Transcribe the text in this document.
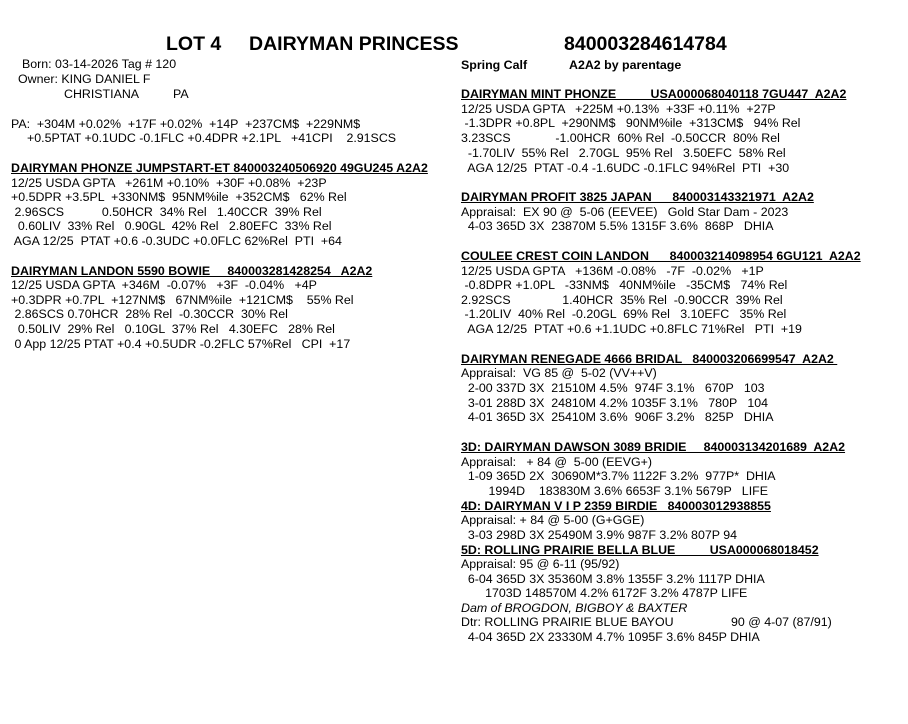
LOT 4 DAIRYMAN PRINCESS	840003284614784
Born: 03-14-2026 Tag # 120	Spring Calf	A2A2 by parentage
Owner: KING DANIEL F
CHRISTIANA	PA
PA:  +304M +0.02%  +17F +0.02%  +14P  +237CM$  +229NM$
+0.5PTAT +0.1UDC -0.1FLC +0.4DPR +2.1PL   +41CPI    2.91SCS
DAIRYMAN PHONZE JUMPSTART-ET 840003240506920 49GU245 A2A2
12/25 USDA GPTA   +261M +0.10%  +30F +0.08%  +23P
+0.5DPR +3.5PL  +330NM$  95NM%ile  +352CM$   62% Rel
2.96SCS           0.50HCR  34% Rel   1.40CCR  39% Rel
0.60LIV  33% Rel   0.90GL  42% Rel   2.80EFC  33% Rel
AGA 12/25  PTAT +0.6 -0.3UDC +0.0FLC 62%Rel  PTI  +64
DAIRYMAN LANDON 5590 BOWIE     840003281428254   A2A2
12/25 USDA GPTA  +346M  -0.07%   +3F  -0.04%   +4P
+0.3DPR +0.7PL  +127NM$   67NM%ile  +121CM$    55% Rel
2.86SCS 0.70HCR  28% Rel  -0.30CCR  30% Rel
0.50LIV  29% Rel   0.10GL  37% Rel   4.30EFC   28% Rel
0 App 12/25 PTAT +0.4 +0.5UDR -0.2FLC 57%Rel   CPI  +17
DAIRYMAN MINT PHONZE          USA000068040118 7GU447  A2A2
12/25 USDA GPTA   +225M +0.13%  +33F +0.11%  +27P
-1.3DPR +0.8PL  +290NM$   90NM%ile  +313CM$   94% Rel
3.23SCS             -1.00HCR  60% Rel  -0.50CCR  80% Rel
-1.70LIV  55% Rel   2.70GL  95% Rel   3.50EFC  58% Rel
AGA 12/25  PTAT -0.4 -1.6UDC -0.1FLC 94%Rel  PTI  +30
DAIRYMAN PROFIT 3825 JAPAN      840003143321971  A2A2
Appraisal:  EX 90 @  5-06 (EEVEE)   Gold Star Dam - 2023
4-03 365D 3X  23870M 5.5% 1315F 3.6%  868P   DHIA
COULEE CREST COIN LANDON      840003214098954 6GU121  A2A2
12/25 USDA GPTA   +136M -0.08%   -7F  -0.02%   +1P
-0.8DPR +1.0PL   -33NM$   40NM%ile   -35CM$   74% Rel
2.92SCS               1.40HCR  35% Rel  -0.90CCR  39% Rel
-1.20LIV  40% Rel  -0.20GL  69% Rel   3.10EFC   35% Rel
AGA 12/25  PTAT +0.6 +1.1UDC +0.8FLC 71%Rel   PTI  +19
DAIRYMAN RENEGADE 4666 BRIDAL   840003206699547  A2A2
Appraisal:  VG 85 @  5-02 (VV++V)
2-00 337D 3X  21510M 4.5%  974F 3.1%   670P   103
3-01 288D 3X  24810M 4.2% 1035F 3.1%   780P   104
4-01 365D 3X  25410M 3.6%  906F 3.2%   825P   DHIA
3D: DAIRYMAN DAWSON 3089 BRIDIE     840003134201689  A2A2
Appraisal:   + 84 @  5-00 (EEVG+)
1-09 365D 2X  30690M*3.7% 1122F 3.2%  977P*  DHIA
1994D    183830M 3.6% 6653F 3.1% 5679P   LIFE
4D: DAIRYMAN V I P 2359 BIRDIE   840003012938855
Appraisal: + 84 @ 5-00 (G+GGE)
3-03 298D 3X 25490M 3.9% 987F 3.2% 807P 94
5D: ROLLING PRAIRIE BELLA BLUE          USA000068018452
Appraisal: 95 @ 6-11 (95/92)
6-04 365D 3X 35360M 3.8% 1355F 3.2% 1117P DHIA
1703D 148570M 4.2% 6172F 3.2% 4787P LIFE
Dam of BROGDON, BIGBOY & BAXTER
Dtr: ROLLING PRAIRIE BLUE BAYOU	90 @ 4-07 (87/91)
4-04 365D 2X 23330M 4.7% 1095F 3.6% 845P DHIA
